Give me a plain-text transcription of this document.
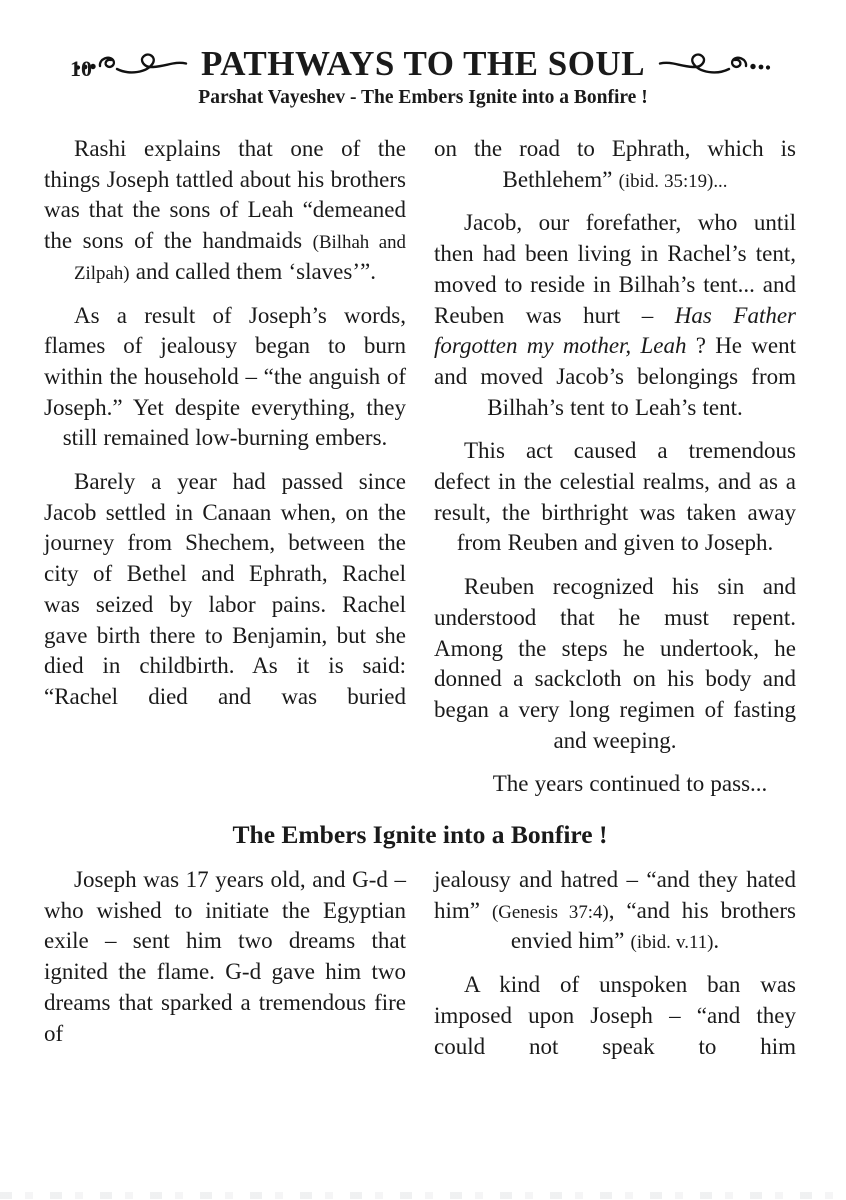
10	PATHWAYS TO THE SOUL
Parshat Vayeshev - The Embers Ignite into a Bonfire !

Rashi explains that one of the things Joseph tattled about his brothers was that the sons of Leah “demeaned the sons of the handmaids (Bilhah and Zilpah) and called them ‘slaves’”.

As a result of Joseph’s words, flames of jealousy began to burn within the household – “the anguish of Joseph.” Yet despite everything, they still remained low-burning embers.

Barely a year had passed since Jacob settled in Canaan when, on the journey from Shechem, between the city of Bethel and Ephrath, Rachel was seized by labor pains. Rachel gave birth there to Benjamin, but she died in childbirth. As it is said: “Rachel died and was buried

on the road to Ephrath, which is Bethlehem” (ibid. 35:19)...

Jacob, our forefather, who until then had been living in Rachel’s tent, moved to reside in Bilhah’s tent... and Reuben was hurt – Has Father forgotten my mother, Leah ? He went and moved Jacob’s belongings from Bilhah’s tent to Leah’s tent.

This act caused a tremendous defect in the celestial realms, and as a result, the birthright was taken away from Reuben and given to Joseph.

Reuben recognized his sin and understood that he must repent. Among the steps he undertook, he donned a sackcloth on his body and began a very long regimen of fasting and weeping.

The years continued to pass...

The Embers Ignite into a Bonfire !

Joseph was 17 years old, and G-d – who wished to initiate the Egyptian exile – sent him two dreams that ignited the flame. G-d gave him two dreams that sparked a tremendous fire of

jealousy and hatred – “and they hated him” (Genesis 37:4), “and his brothers envied him” (ibid. v.11).

A kind of unspoken ban was imposed upon Joseph – “and they could not speak to him
